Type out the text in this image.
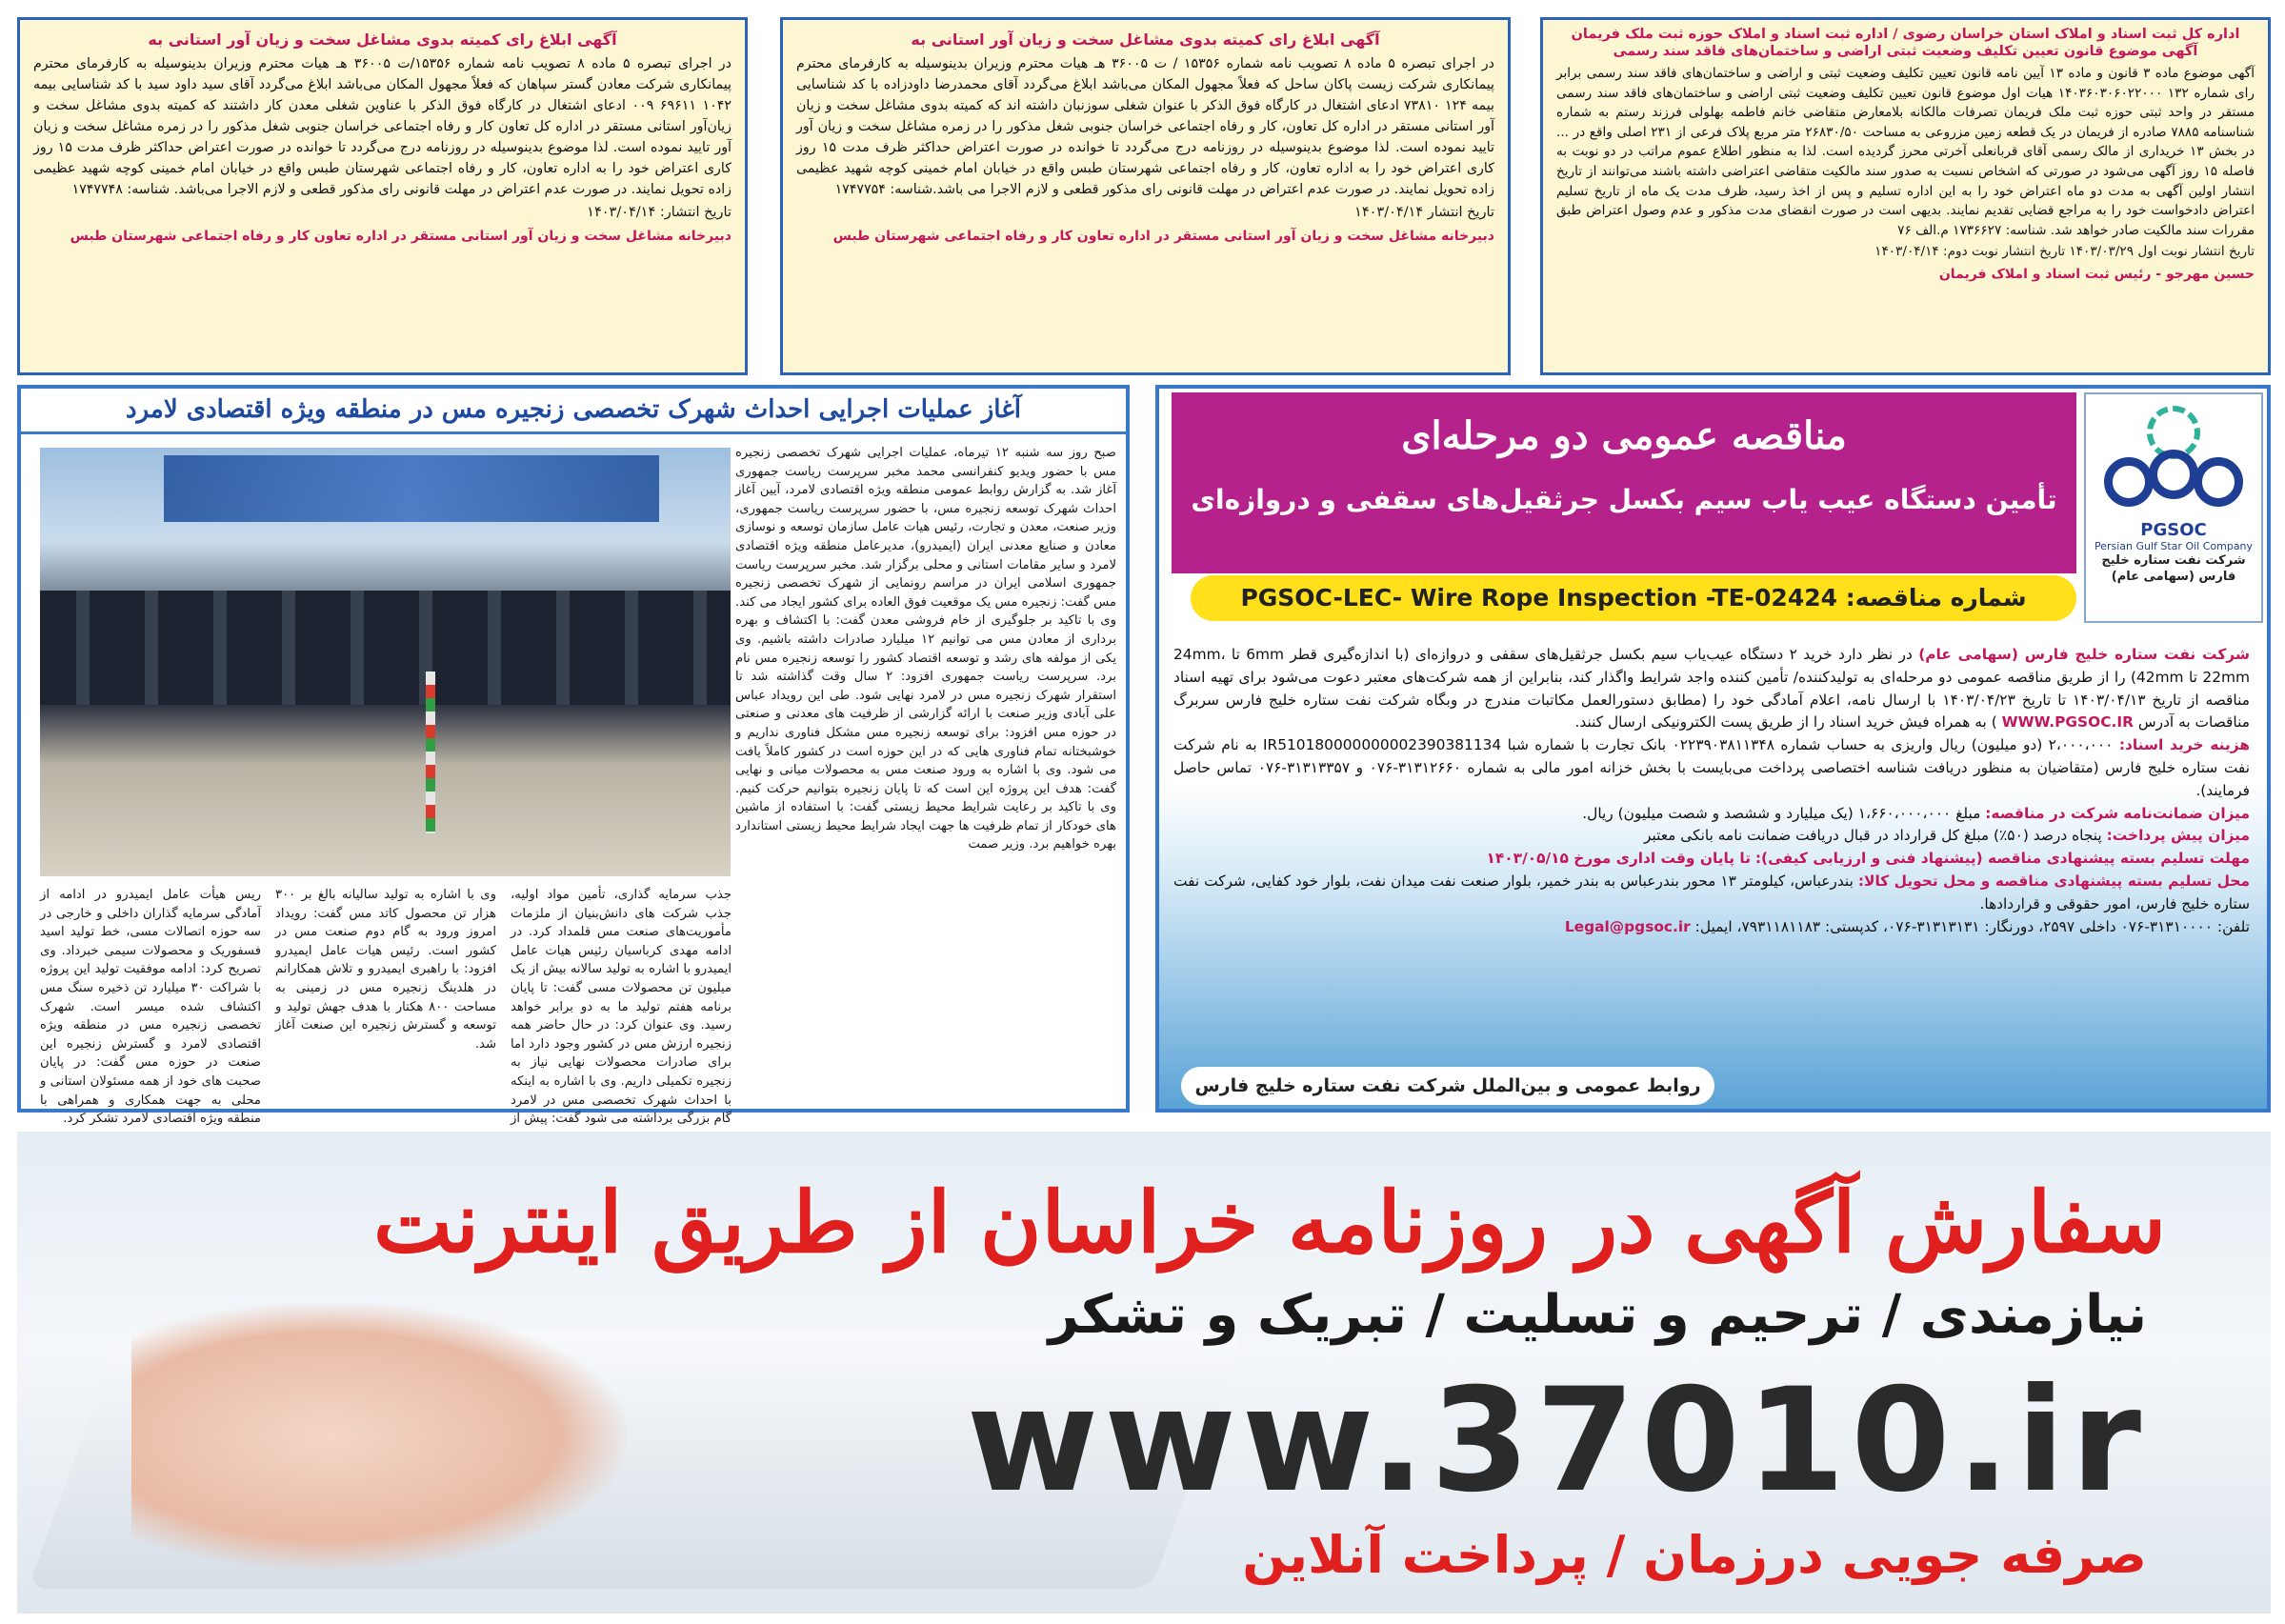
آگهی ابلاغ رای کمیته بدوی مشاغل سخت و زیان آور استانی به
در اجرای تبصره ۵ ماده ۸ تصویب نامه شماره ۱۵۳۵۶/ت ۳۶۰۰۵ هـ هیات محترم وزیران بدینوسیله به کارفرمای محترم پیمانکاری شرکت معادن گستر سپاهان که فعلاً مجهول المکان می‌باشد ابلاغ می‌گردد آقای سید داود سید با کد شناسایی بیمه ۱۰۴۲ ۶۹۶۱۱ ۰۰۹ ادعای اشتغال در کارگاه فوق الذکر با عناوین شغلی معدن کار داشتند که کمیته بدوی مشاغل سخت و زیان‌آور استانی مستقر در اداره کل تعاون کار و رفاه اجتماعی خراسان جنوبی شغل مذکور را در زمره مشاغل سخت و زیان آور تایید نموده است. لذا موضوع بدینوسیله در روزنامه درج می‌گردد تا خوانده در صورت اعتراض حداکثر ظرف مدت ۱۵ روز کاری اعتراض خود را به اداره تعاون، کار و رفاه اجتماعی شهرستان طبس واقع در خیابان امام خمینی کوچه شهید عظیمی زاده تحویل نمایند. در صورت عدم اعتراض در مهلت قانونی رای مذکور قطعی و لازم الاجرا می‌باشد. شناسه: ۱۷۴۷۷۴۸
تاریخ انتشار: ۱۴۰۳/۰۴/۱۴
دبیرخانه مشاغل سخت و زیان آور استانی مستقر در اداره تعاون کار و رفاه اجتماعی شهرستان طبس
آگهی ابلاغ رای کمیته بدوی مشاغل سخت و زیان آور استانی به
در اجرای تبصره ۵ ماده ۸ تصویب نامه شماره ۱۵۳۵۶ / ت ۳۶۰۰۵ هـ هیات محترم وزیران بدینوسیله به کارفرمای محترم پیمانکاری شرکت زیست پاکان ساحل که فعلاً مجهول المکان می‌باشد ابلاغ می‌گردد آقای محمدرضا داودزاده با کد شناسایی بیمه ۱۲۴ ۷۳۸۱۰ ادعای اشتغال در کارگاه فوق الذکر با عنوان شغلی سوزنبان داشته اند که کمیته بدوی مشاغل سخت و زیان آور استانی مستقر در اداره کل تعاون، کار و رفاه اجتماعی خراسان جنوبی شغل مذکور را در زمره مشاغل سخت و زیان آور تایید نموده است. لذا موضوع بدینوسیله در روزنامه درج می‌گردد تا خوانده در صورت اعتراض حداکثر ظرف مدت ۱۵ روز کاری اعتراض خود را به اداره تعاون، کار و رفاه اجتماعی شهرستان طبس واقع در خیابان امام خمینی کوچه شهید عظیمی زاده تحویل نمایند. در صورت عدم اعتراض در مهلت قانونی رای مذکور قطعی و لازم الاجرا می باشد.شناسه: ۱۷۴۷۷۵۴
تاریخ انتشار ۱۴۰۳/۰۴/۱۴
دبیرخانه مشاغل سخت و زیان آور استانی مستقر در اداره تعاون کار و رفاه اجتماعی شهرستان طبس
اداره کل ثبت اسناد و املاک استان خراسان رضوی / اداره ثبت اسناد و املاک حوزه ثبت ملک فریمان آگهی موضوع قانون تعیین تکلیف وضعیت ثبتی اراضی و ساختمان‌های فاقد سند رسمی
آگهی موضوع ماده ۳ قانون و ماده ۱۳ آیین نامه قانون تعیین تکلیف وضعیت ثبتی و اراضی و ساختمان‌های فاقد سند رسمی برابر رای شماره ۱۳۲ ۱۴۰۳۶۰۳۰۶۰۲۲۰۰۰ هیات اول موضوع قانون تعیین تکلیف وضعیت ثبتی اراضی و ساختمان‌های فاقد سند رسمی مستقر در واحد ثبتی حوزه ثبت ملک فریمان تصرفات مالکانه بلامعارض متقاضی خانم فاطمه بهلولی فرزند رستم به شماره شناسنامه ۷۸۸۵ صادره از فریمان در یک قطعه زمین مزروعی به مساحت ۲۶۸۳۰/۵۰ متر مربع پلاک فرعی از ۲۳۱ اصلی واقع در ... در بخش ۱۳ خریداری از مالک رسمی آقای قربانعلی آخرتی محرز گردیده است. لذا به منظور اطلاع عموم مراتب در دو نوبت به فاصله ۱۵ روز آگهی می‌شود در صورتی که اشخاص نسبت به صدور سند مالکیت متقاضی اعتراضی داشته باشند می‌توانند از تاریخ انتشار اولین آگهی به مدت دو ماه اعتراض خود را به این اداره تسلیم و پس از اخذ رسید، ظرف مدت یک ماه از تاریخ تسلیم اعتراض دادخواست خود را به مراجع قضایی تقدیم نمایند. بدیهی است در صورت انقضای مدت مذکور و عدم وصول اعتراض طبق مقررات سند مالکیت صادر خواهد شد. شناسه: ۱۷۳۶۶۲۷ م.الف ۷۶
تاریخ انتشار نوبت اول ۱۴۰۳/۰۳/۲۹ تاریخ انتشار نوبت دوم: ۱۴۰۳/۰۴/۱۴
حسین مهرجو - رئیس ثبت اسناد و املاک فریمان
آغاز عملیات اجرایی احداث شهرک تخصصی زنجیره مس در منطقه ویژه اقتصادی لامرد
صبح روز سه شنبه ۱۲ تیرماه، عملیات اجرایی شهرک تخصصی زنجیره مس با حضور ویدیو کنفرانسی محمد مخبر سرپرست ریاست جمهوری آغاز شد. به گزارش روابط عمومی منطقه ویژه اقتصادی لامرد، آیین آغاز احداث شهرک توسعه زنجیره مس، با حضور سرپرست ریاست جمهوری، وزیر صنعت، معدن و تجارت، رئیس هیات عامل سازمان توسعه و نوسازی معادن و صنایع معدنی ایران (ایمیدرو)، مدیرعامل منطقه ویژه اقتصادی لامرد و سایر مقامات استانی و محلی برگزار شد. مخبر سرپرست ریاست جمهوری اسلامی ایران در مراسم رونمایی از شهرک تخصصی زنجیره مس گفت: زنجیره مس یک موقعیت فوق العاده برای کشور ایجاد می کند. وی با تاکید بر جلوگیری از خام فروشی معدن گفت: با اکتشاف و بهره برداری از معادن مس می توانیم ۱۲ میلیارد صادرات داشته باشیم. وی یکی از مولفه های رشد و توسعه اقتصاد کشور را توسعه زنجیره مس نام برد. سرپرست ریاست جمهوری افزود: ۲ سال وقت گذاشته شد تا استقرار شهرک زنجیره مس در لامرد نهایی شود. طی این رویداد عباس علی آبادی وزیر صنعت با ارائه گزارشی از ظرفیت های معدنی و صنعتی در حوزه مس افزود: برای توسعه زنجیره مس مشکل فناوری نداریم و خوشبختانه تمام فناوری هایی که در این حوزه است در کشور کاملاً یافت می شود. وی با اشاره به ورود صنعت مس به محصولات میانی و نهایی گفت: هدف این پروژه این است که تا پایان زنجیره بتوانیم حرکت کنیم. وی با تاکید بر رعایت شرایط محیط زیستی گفت: با استفاده از ماشین های خودکار از تمام ظرفیت ها جهت ایجاد شرایط محیط زیستی استاندارد بهره خواهیم برد. وزیر صمت
جذب سرمایه گذاری، تأمین مواد اولیه، جذب شرکت های دانش‌بنیان از ملزمات مأموریت‌های صنعت مس قلمداد کرد. در ادامه مهدی کرباسیان رئیس هیات عامل ایمیدرو با اشاره به تولید سالانه بیش از یک میلیون تن محصولات مسی گفت: تا پایان برنامه هفتم تولید ما به دو برابر خواهد رسید. وی عنوان کرد: در حال حاضر همه زنجیره ارزش مس در کشور وجود دارد اما برای صادرات محصولات نهایی نیاز به زنجیره تکمیلی داریم. وی با اشاره به اینکه با احداث شهرک تخصصی مس در لامرد گام بزرگی برداشته می شود گفت: پیش از
وی با اشاره به تولید سالیانه بالغ بر ۳۰۰ هزار تن محصول کاتد مس گفت: رویداد امروز ورود به گام دوم صنعت مس در کشور است. رئیس هیات عامل ایمیدرو افزود: با راهبری ایمیدرو و تلاش همکارانم در هلدینگ زنجیره مس در زمینی به مساحت ۸۰۰ هکتار با هدف جهش تولید و توسعه و گسترش زنجیره این صنعت آغاز شد.
ریس هیأت عامل ایمیدرو در ادامه از آمادگی سرمایه گذاران داخلی و خارجی در سه حوزه اتصالات مسی، خط تولید اسید فسفوریک و محصولات سیمی خبرداد. وی تصریح کرد: ادامه موفقیت تولید این پروژه با شراکت ۳۰ میلیارد تن ذخیره سنگ مس اکتشاف شده میسر است. شهرک تخصصی زنجیره مس در منطقه ویژه اقتصادی لامرد و گسترش زنجیره این صنعت در حوزه مس گفت: در پایان صحبت های خود از همه مسئولان استانی و محلی به جهت همکاری و همراهی با منطقه ویژه اقتصادی لامرد تشکر کرد.
PGSOC
Persian Gulf Star Oil Company
شرکت نفت ستاره خلیج فارس (سهامی عام)
مناقصه عمومی دو مرحله‌ای
تأمین دستگاه عیب یاب سیم بکسل جرثقیل‌های سقفی و دروازه‌ای
شماره مناقصه: PGSOC-LEC- Wire Rope Inspection -TE-02424
شرکت نفت ستاره خلیج فارس (سهامی عام) در نظر دارد خرید ۲ دستگاه عیب‌یاب سیم بکسل جرثقیل‌های سقفی و دروازه‌ای (با اندازه‌گیری قطر 6mm تا 24mm، 22mm تا 42mm) را از طریق مناقصه عمومی دو مرحله‌ای به تولیدکننده/ تأمین کننده واجد شرایط واگذار کند، بنابراین از همه شرکت‌های معتبر دعوت می‌شود برای تهیه اسناد مناقصه از تاریخ ۱۴۰۳/۰۴/۱۳ تا تاریخ ۱۴۰۳/۰۴/۲۳ با ارسال نامه، اعلام آمادگی خود را (مطابق دستورالعمل مکاتبات مندرج در وبگاه شرکت نفت ستاره خلیج فارس سربرگ مناقصات به آدرس WWW.PGSOC.IR ) به همراه فیش خرید اسناد را از طریق پست الکترونیکی ارسال کنند.
هزینه خرید اسناد: ۲،۰۰۰،۰۰۰ (دو میلیون) ریال واریزی به حساب شماره ۰۲۲۳۹۰۳۸۱۱۳۴۸ بانک تجارت با شماره شبا IR510180000000002390381134 به نام شرکت نفت ستاره خلیج فارس (متقاضیان به منظور دریافت شناسه اختصاصی پرداخت می‌بایست با بخش خزانه امور مالی به شماره ۳۱۳۱۲۶۶۰-۰۷۶ و ۳۱۳۱۳۳۵۷-۰۷۶ تماس حاصل فرمایند).
میزان ضمانت‌نامه شرکت در مناقصه: مبلغ ۱،۶۶۰،۰۰۰،۰۰۰ (یک میلیارد و ششصد و شصت میلیون) ریال.
میزان پیش پرداخت: پنجاه درصد (۵۰٪) مبلغ کل قرارداد در قبال دریافت ضمانت نامه بانکی معتبر
مهلت تسلیم بسته پیشنهادی مناقصه (پیشنهاد فنی و ارزیابی کیفی): تا پایان وقت اداری مورخ ۱۴۰۳/۰۵/۱۵
محل تسلیم بسته پیشنهادی مناقصه و محل تحویل کالا: بندرعباس، کیلومتر ۱۳ محور بندرعباس به بندر خمیر، بلوار صنعت نفت میدان نفت، بلوار خود کفایی، شرکت نفت ستاره خلیج فارس، امور حقوقی و قراردادها.
تلفن: ۳۱۳۱۰۰۰۰-۰۷۶ داخلی ۲۵۹۷، دورنگار: ۳۱۳۱۳۱۳۱-۰۷۶، کدپستی: ۷۹۳۱۱۸۱۱۸۳، ایمیل: Legal@pgsoc.ir
روابط عمومی و بین‌الملل شرکت نفت ستاره خلیج فارس
سفارش آگهی در روزنامه خراسان از طریق اینترنت
نیازمندی / ترحیم و تسلیت / تبریک و تشکر
www.37010.ir
صرفه جویی درزمان / پرداخت آنلاین
